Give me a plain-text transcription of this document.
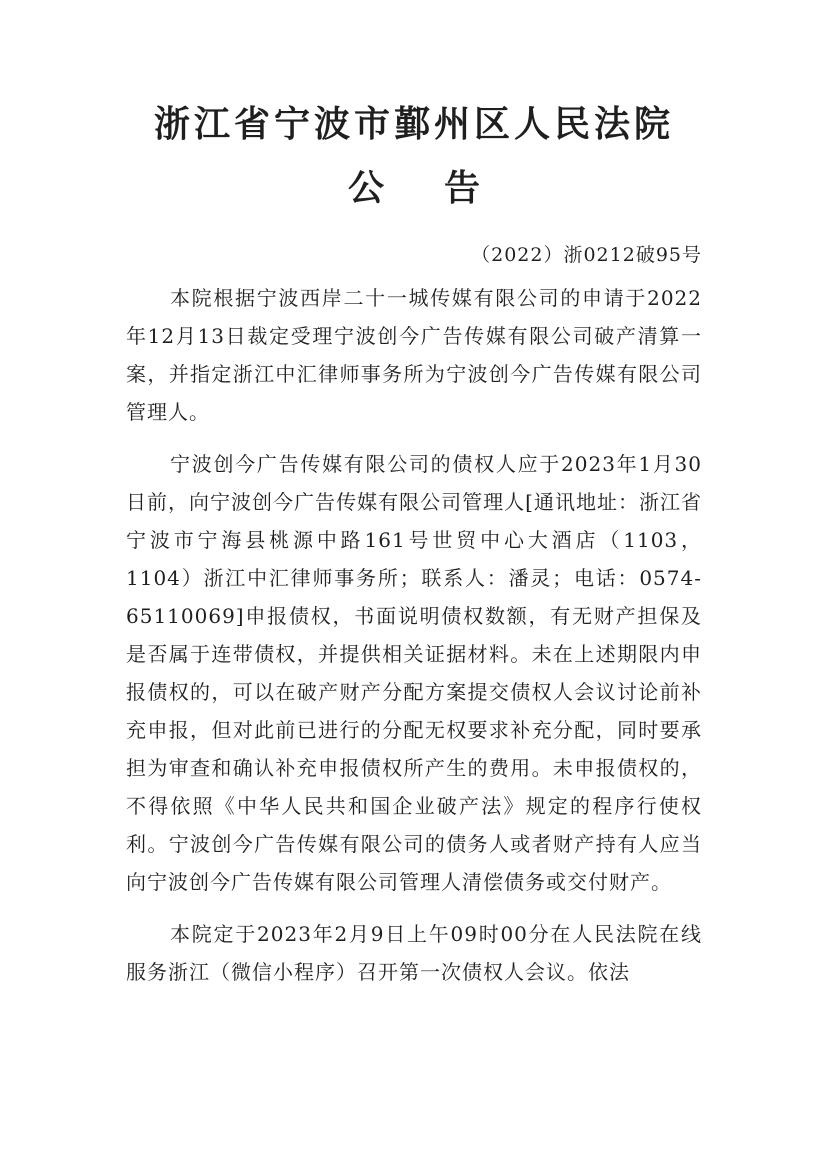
浙江省宁波市鄞州区人民法院
公告
（2022）浙0212破95号

本院根据宁波西岸二十一城传媒有限公司的申请于2022年12月13日裁定受理宁波创今广告传媒有限公司破产清算一案，并指定浙江中汇律师事务所为宁波创今广告传媒有限公司管理人。

宁波创今广告传媒有限公司的债权人应于2023年1月30日前，向宁波创今广告传媒有限公司管理人[通讯地址：浙江省宁波市宁海县桃源中路161号世贸中心大酒店（1103，1104）浙江中汇律师事务所；联系人：潘灵；电话：0574-65110069]申报债权，书面说明债权数额，有无财产担保及是否属于连带债权，并提供相关证据材料。未在上述期限内申报债权的，可以在破产财产分配方案提交债权人会议讨论前补充申报，但对此前已进行的分配无权要求补充分配，同时要承担为审查和确认补充申报债权所产生的费用。未申报债权的，不得依照《中华人民共和国企业破产法》规定的程序行使权利。宁波创今广告传媒有限公司的债务人或者财产持有人应当向宁波创今广告传媒有限公司管理人清偿债务或交付财产。

本院定于2023年2月9日上午09时00分在人民法院在线服务浙江（微信小程序）召开第一次债权人会议。依法
